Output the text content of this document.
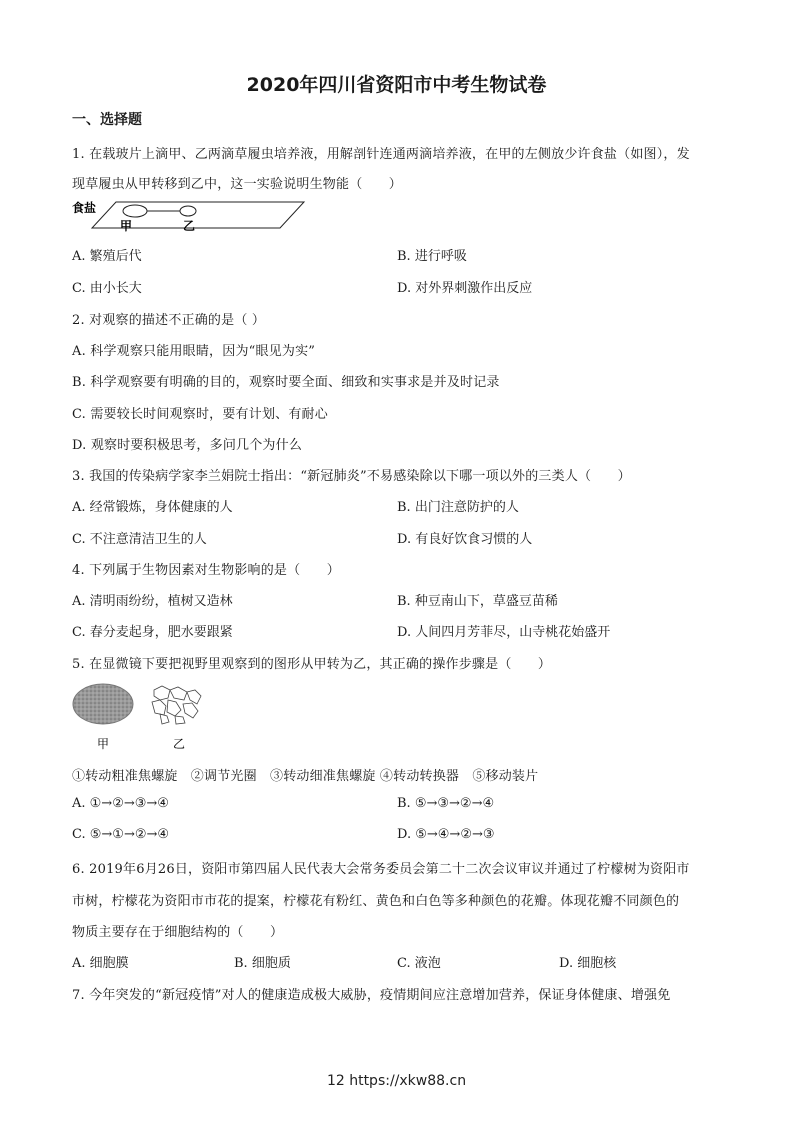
2020年四川省资阳市中考生物试卷
一、选择题
1. 在载玻片上滴甲、乙两滴草履虫培养液，用解剖针连通两滴培养液，在甲的左侧放少许食盐（如图），发
现草履虫从甲转移到乙中，这一实验说明生物能（　　）
食盐
甲	乙
A. 繁殖后代	B. 进行呼吸
C. 由小长大	D. 对外界刺激作出反应
2. 对观察的描述不正确的是（ ）
A. 科学观察只能用眼睛，因为“眼见为实”
B. 科学观察要有明确的目的，观察时要全面、细致和实事求是并及时记录
C. 需要较长时间观察时，要有计划、有耐心
D. 观察时要积极思考，多问几个为什么
3. 我国的传染病学家李兰娟院士指出：“新冠肺炎”不易感染除以下哪一项以外的三类人（　　）
A. 经常锻炼，身体健康的人	B. 出门注意防护的人
C. 不注意清洁卫生的人	D. 有良好饮食习惯的人
4. 下列属于生物因素对生物影响的是（　　）
A. 清明雨纷纷，植树又造林	B. 种豆南山下，草盛豆苗稀
C. 春分麦起身，肥水要跟紧	D. 人间四月芳菲尽，山寺桃花始盛开
5. 在显微镜下要把视野里观察到的图形从甲转为乙，其正确的操作步骤是（　　）
甲	乙
①转动粗准焦螺旋　②调节光圈　③转动细准焦螺旋 ④转动转换器　⑤移动装片
A. ①→②→③→④	B. ⑤→③→②→④
C. ⑤→①→②→④	D. ⑤→④→②→③
6. 2019年6月26日，资阳市第四届人民代表大会常务委员会第二十二次会议审议并通过了柠檬树为资阳市
市树，柠檬花为资阳市市花的提案，柠檬花有粉红、黄色和白色等多种颜色的花瓣。体现花瓣不同颜色的
物质主要存在于细胞结构的（　　）
A. 细胞膜	B. 细胞质	C. 液泡	D. 细胞核
7. 今年突发的“新冠疫情”对人的健康造成极大威胁，疫情期间应注意增加营养，保证身体健康、增强免
12 https://xkw88.cn
